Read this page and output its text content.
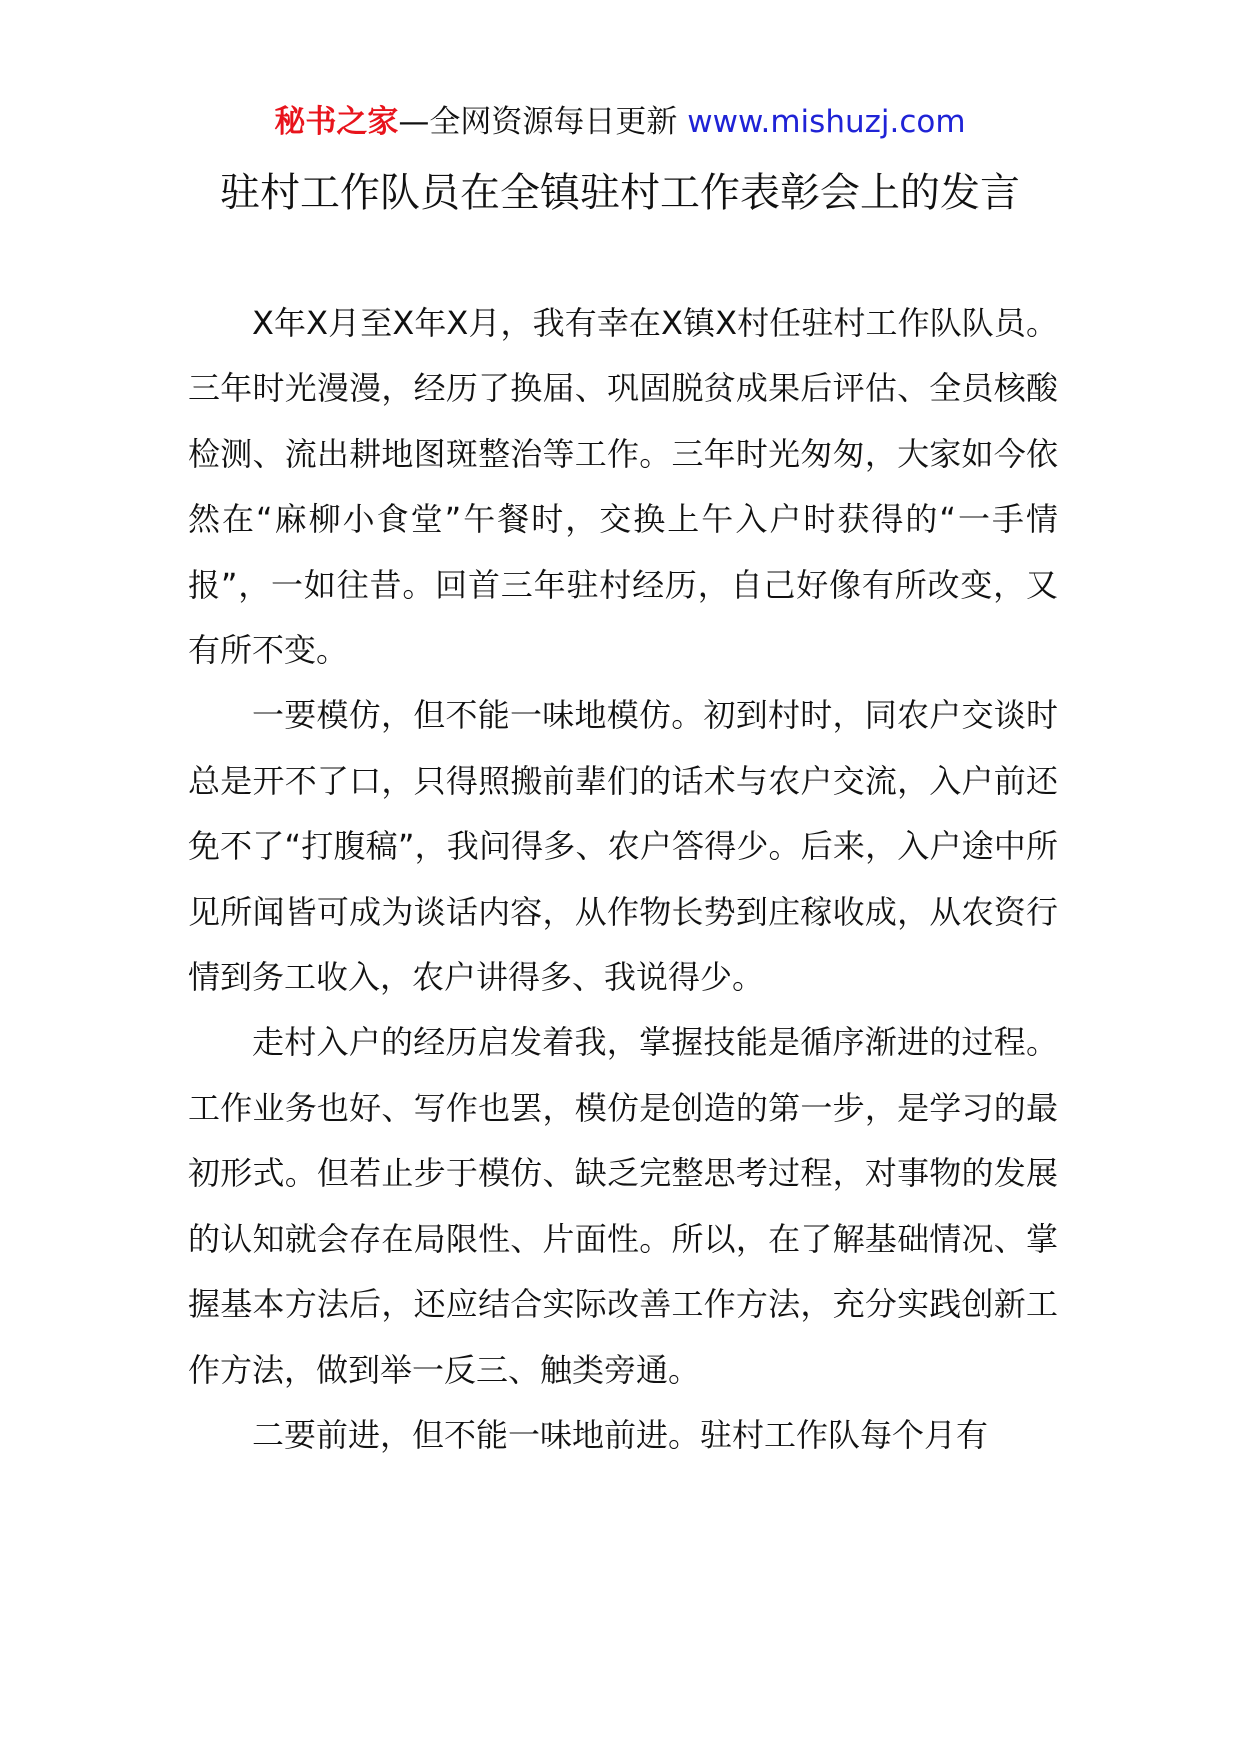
秘书之家—全网资源每日更新 www.mishuzj.com
驻村工作队员在全镇驻村工作表彰会上的发言

X年X月至X年X月，我有幸在X镇X村任驻村工作队队员。三年时光漫漫，经历了换届、巩固脱贫成果后评估、全员核酸检测、流出耕地图斑整治等工作。三年时光匆匆，大家如今依然在“麻柳小食堂”午餐时，交换上午入户时获得的“一手情报”，一如往昔。回首三年驻村经历，自己好像有所改变，又有所不变。

一要模仿，但不能一味地模仿。初到村时，同农户交谈时总是开不了口，只得照搬前辈们的话术与农户交流，入户前还免不了“打腹稿”，我问得多、农户答得少。后来，入户途中所见所闻皆可成为谈话内容，从作物长势到庄稼收成，从农资行情到务工收入，农户讲得多、我说得少。

走村入户的经历启发着我，掌握技能是循序渐进的过程。工作业务也好、写作也罢，模仿是创造的第一步，是学习的最初形式。但若止步于模仿、缺乏完整思考过程，对事物的发展的认知就会存在局限性、片面性。所以，在了解基础情况、掌握基本方法后，还应结合实际改善工作方法，充分实践创新工作方法，做到举一反三、触类旁通。

二要前进，但不能一味地前进。驻村工作队每个月有
